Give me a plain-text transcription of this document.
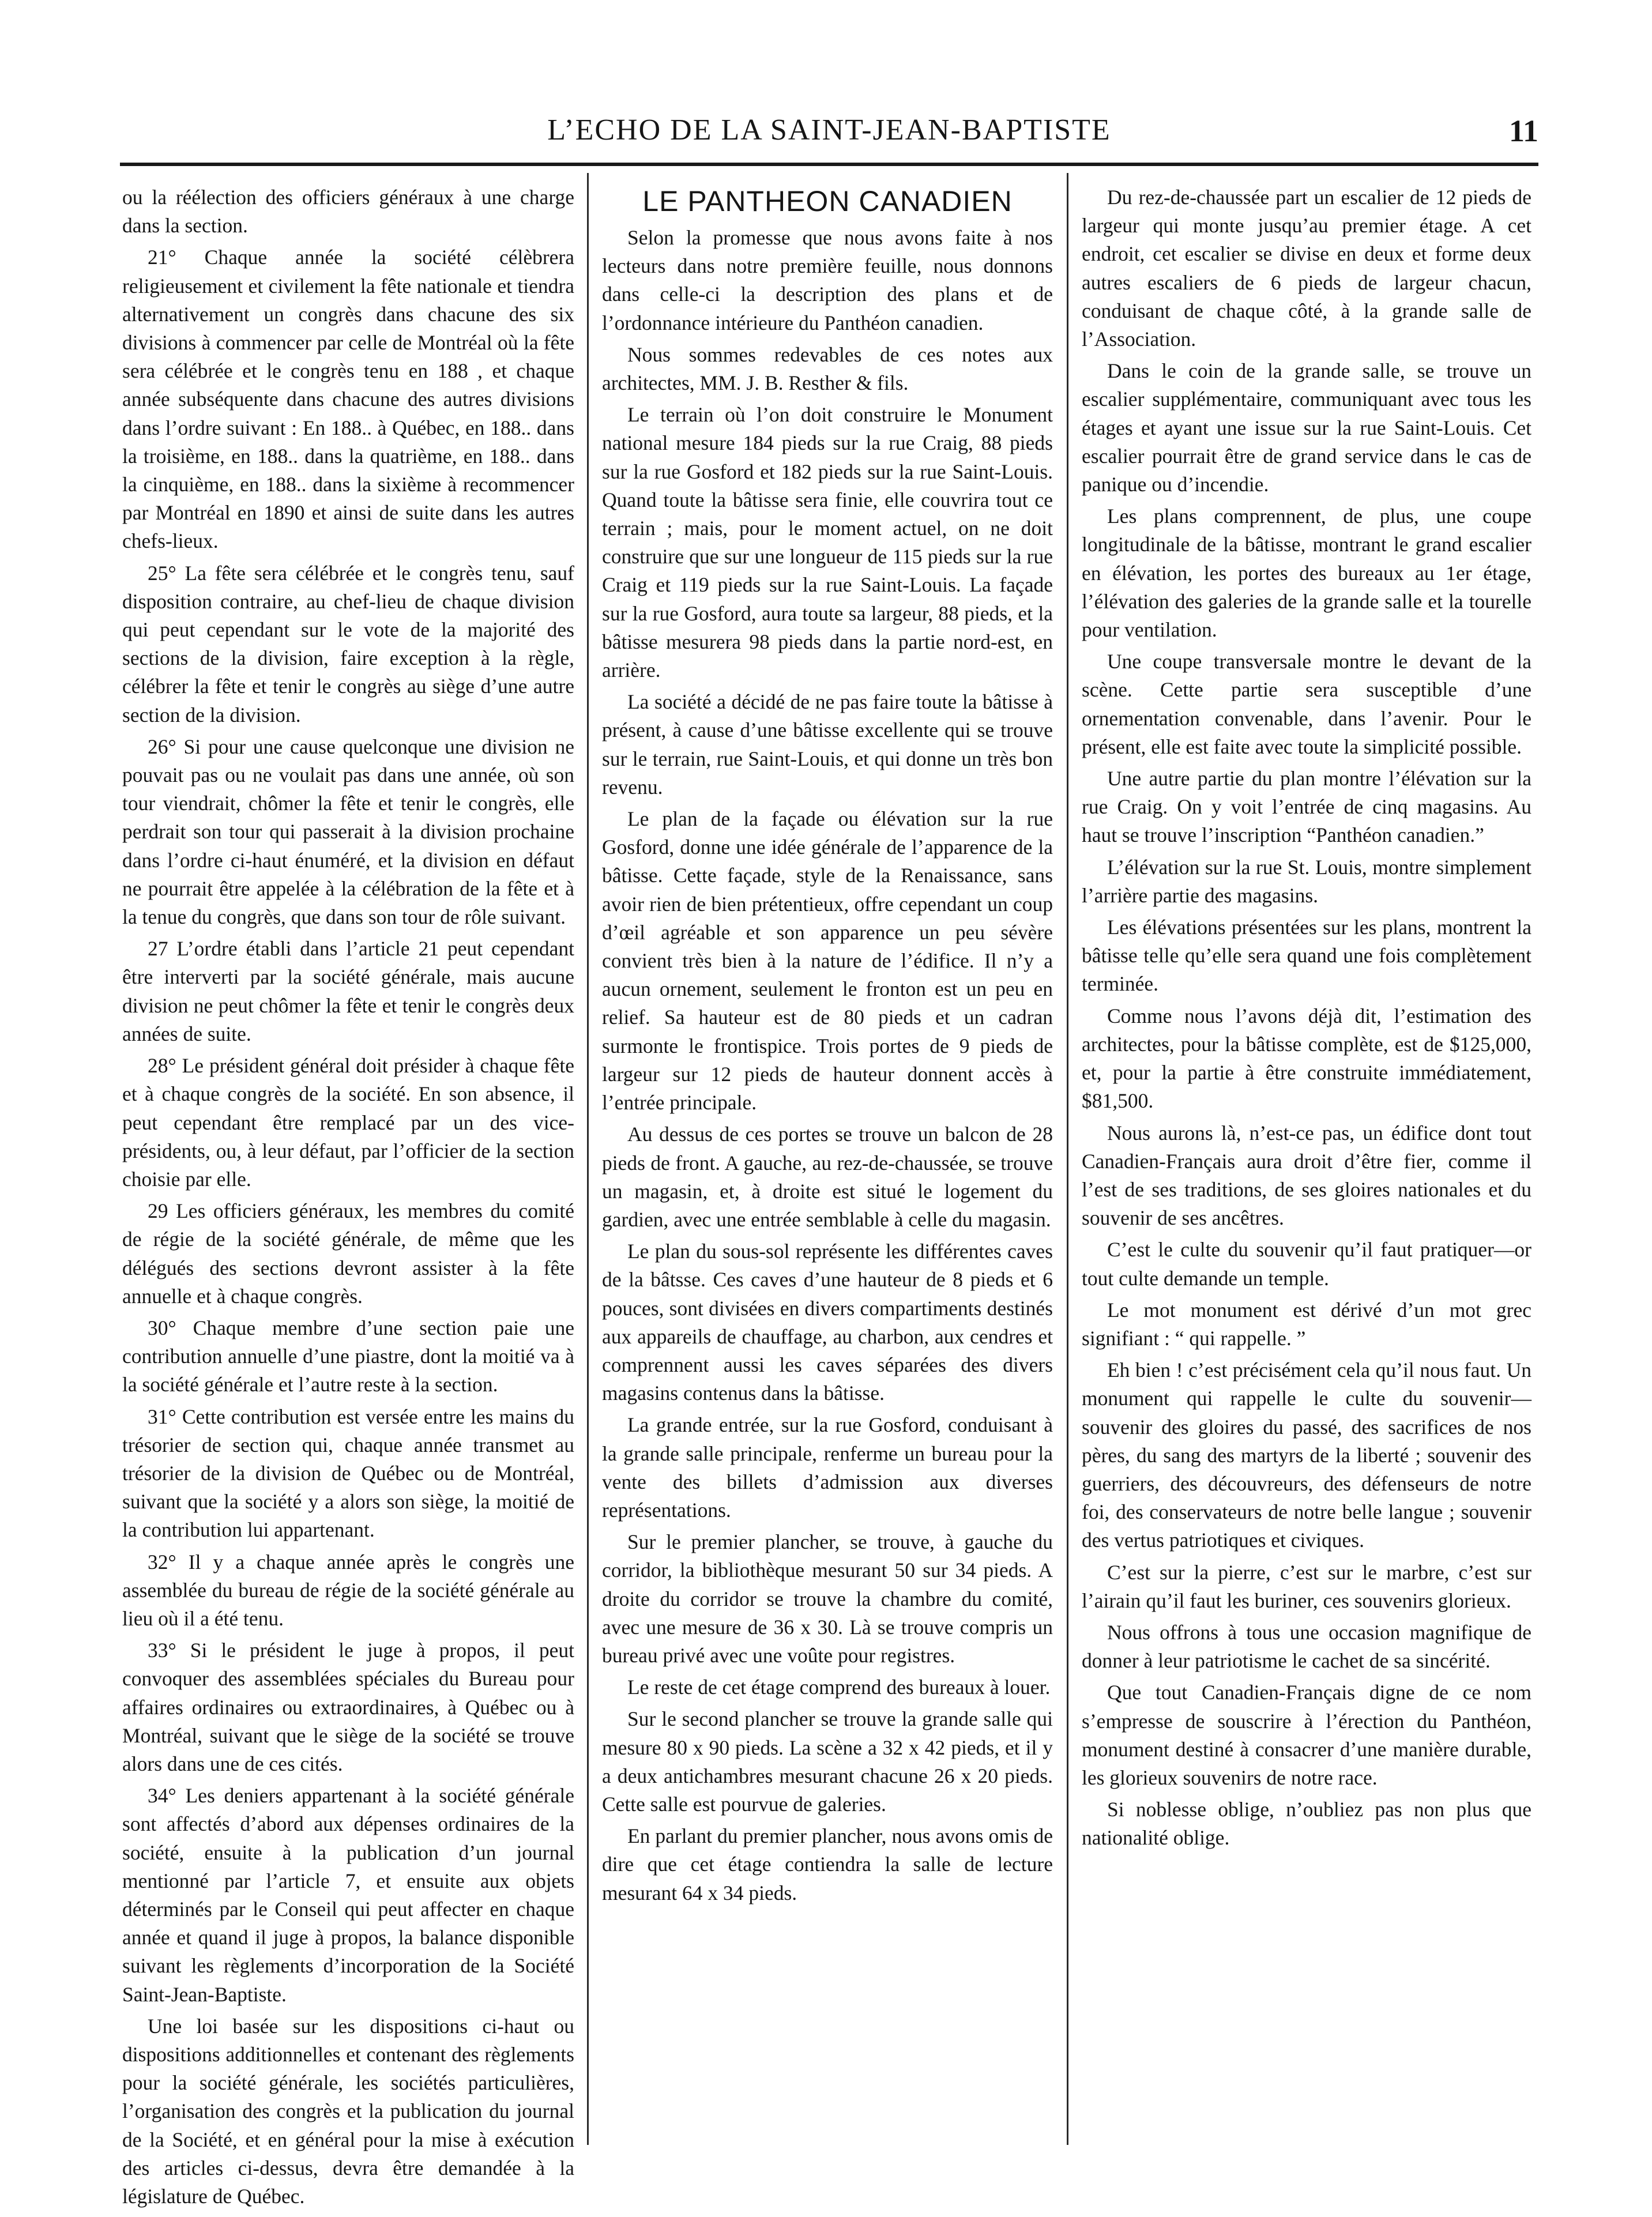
L’ECHO DE LA SAINT-JEAN-BAPTISTE	11

ou la réélection des officiers généraux à une charge dans la section.

21° Chaque année la société célèbrera religieusement et civilement la fête nationale et tiendra alternativement un congrès dans chacune des six divisions à commencer par celle de Montréal où la fête sera célébrée et le congrès tenu en 188 , et chaque année subséquente dans chacune des autres divisions dans l’ordre suivant : En 188.. à Québec, en 188.. dans la troisième, en 188.. dans la quatrième, en 188.. dans la cinquième, en 188.. dans la sixième à recommencer par Montréal en 1890 et ainsi de suite dans les autres chefs-lieux.

25° La fête sera célébrée et le congrès tenu, sauf disposition contraire, au chef-lieu de chaque division qui peut cependant sur le vote de la majorité des sections de la division, faire exception à la règle, célébrer la fête et tenir le congrès au siège d’une autre section de la division.

26° Si pour une cause quelconque une division ne pouvait pas ou ne voulait pas dans une année, où son tour viendrait, chômer la fête et tenir le congrès, elle perdrait son tour qui passerait à la division prochaine dans l’ordre ci-haut énuméré, et la division en défaut ne pourrait être appelée à la célébration de la fête et à la tenue du congrès, que dans son tour de rôle suivant.

27 L’ordre établi dans l’article 21 peut cependant être interverti par la société générale, mais aucune division ne peut chômer la fête et tenir le congrès deux années de suite.

28° Le président général doit présider à chaque fête et à chaque congrès de la société. En son absence, il peut cependant être remplacé par un des vice-présidents, ou, à leur défaut, par l’officier de la section choisie par elle.

29 Les officiers généraux, les membres du comité de régie de la société générale, de même que les délégués des sections devront assister à la fête annuelle et à chaque congrès.

30° Chaque membre d’une section paie une contribution annuelle d’une piastre, dont la moitié va à la société générale et l’autre reste à la section.

31° Cette contribution est versée entre les mains du trésorier de section qui, chaque année transmet au trésorier de la division de Québec ou de Montréal, suivant que la société y a alors son siège, la moitié de la contribution lui appartenant.

32° Il y a chaque année après le congrès une assemblée du bureau de régie de la société générale au lieu où il a été tenu.

33° Si le président le juge à propos, il peut convoquer des assemblées spéciales du Bureau pour affaires ordinaires ou extraordinaires, à Québec ou à Montréal, suivant que le siège de la société se trouve alors dans une de ces cités.

34° Les deniers appartenant à la société générale sont affectés d’abord aux dépenses ordinaires de la société, ensuite à la publication d’un journal mentionné par l’article 7, et ensuite aux objets déterminés par le Conseil qui peut affecter en chaque année et quand il juge à propos, la balance disponible suivant les règlements d’incorporation de la Société Saint-Jean-Baptiste.

Une loi basée sur les dispositions ci-haut ou dispositions additionnelles et contenant des règlements pour la société générale, les sociétés particulières, l’organisation des congrès et la publication du journal de la Société, et en général pour la mise à exécution des articles ci-dessus, devra être demandée à la législature de Québec.

LE PANTHEON CANADIEN

Selon la promesse que nous avons faite à nos lecteurs dans notre première feuille, nous donnons dans celle-ci la description des plans et de l’ordonnance intérieure du Panthéon canadien.

Nous sommes redevables de ces notes aux architectes, MM. J. B. Resther & fils.

Le terrain où l’on doit construire le Monument national mesure 184 pieds sur la rue Craig, 88 pieds sur la rue Gosford et 182 pieds sur la rue Saint-Louis. Quand toute la bâtisse sera finie, elle couvrira tout ce terrain ; mais, pour le moment actuel, on ne doit construire que sur une longueur de 115 pieds sur la rue Craig et 119 pieds sur la rue Saint-Louis. La façade sur la rue Gosford, aura toute sa largeur, 88 pieds, et la bâtisse mesurera 98 pieds dans la partie nord-est, en arrière.

La société a décidé de ne pas faire toute la bâtisse à présent, à cause d’une bâtisse excellente qui se trouve sur le terrain, rue Saint-Louis, et qui donne un très bon revenu.

Le plan de la façade ou élévation sur la rue Gosford, donne une idée générale de l’apparence de la bâtisse. Cette façade, style de la Renaissance, sans avoir rien de bien prétentieux, offre cependant un coup d’œil agréable et son apparence un peu sévère convient très bien à la nature de l’édifice. Il n’y a aucun ornement, seulement le fronton est un peu en relief. Sa hauteur est de 80 pieds et un cadran surmonte le frontispice. Trois portes de 9 pieds de largeur sur 12 pieds de hauteur donnent accès à l’entrée principale.

Au dessus de ces portes se trouve un balcon de 28 pieds de front. A gauche, au rez-de-chaussée, se trouve un magasin, et, à droite est situé le logement du gardien, avec une entrée semblable à celle du magasin.

Le plan du sous-sol représente les différentes caves de la bâtsse. Ces caves d’une hauteur de 8 pieds et 6 pouces, sont divisées en divers compartiments destinés aux appareils de chauffage, au charbon, aux cendres et comprennent aussi les caves séparées des divers magasins contenus dans la bâtisse.

La grande entrée, sur la rue Gosford, conduisant à la grande salle principale, renferme un bureau pour la vente des billets d’admission aux diverses représentations.

Sur le premier plancher, se trouve, à gauche du corridor, la bibliothèque mesurant 50 sur 34 pieds. A droite du corridor se trouve la chambre du comité, avec une mesure de 36 x 30. Là se trouve compris un bureau privé avec une voûte pour registres.

Le reste de cet étage comprend des bureaux à louer.

Sur le second plancher se trouve la grande salle qui mesure 80 x 90 pieds. La scène a 32 x 42 pieds, et il y a deux antichambres mesurant chacune 26 x 20 pieds. Cette salle est pourvue de galeries.

En parlant du premier plancher, nous avons omis de dire que cet étage contiendra la salle de lecture mesurant 64 x 34 pieds.

Du rez-de-chaussée part un escalier de 12 pieds de largeur qui monte jusqu’au premier étage. A cet endroit, cet escalier se divise en deux et forme deux autres escaliers de 6 pieds de largeur chacun, conduisant de chaque côté, à la grande salle de l’Association.

Dans le coin de la grande salle, se trouve un escalier supplémentaire, communiquant avec tous les étages et ayant une issue sur la rue Saint-Louis. Cet escalier pourrait être de grand service dans le cas de panique ou d’incendie.

Les plans comprennent, de plus, une coupe longitudinale de la bâtisse, montrant le grand escalier en élévation, les portes des bureaux au 1er étage, l’élévation des galeries de la grande salle et la tourelle pour ventilation.

Une coupe transversale montre le devant de la scène. Cette partie sera susceptible d’une ornementation convenable, dans l’avenir. Pour le présent, elle est faite avec toute la simplicité possible.

Une autre partie du plan montre l’élévation sur la rue Craig. On y voit l’entrée de cinq magasins. Au haut se trouve l’inscription “Panthéon canadien.”

L’élévation sur la rue St. Louis, montre simplement l’arrière partie des magasins.

Les élévations présentées sur les plans, montrent la bâtisse telle qu’elle sera quand une fois complètement terminée.

Comme nous l’avons déjà dit, l’estimation des architectes, pour la bâtisse complète, est de $125,000, et, pour la partie à être construite immédiatement, $81,500.

Nous aurons là, n’est-ce pas, un édifice dont tout Canadien-Français aura droit d’être fier, comme il l’est de ses traditions, de ses gloires nationales et du souvenir de ses ancêtres.

C’est le culte du souvenir qu’il faut pratiquer—or tout culte demande un temple.

Le mot monument est dérivé d’un mot grec signifiant : “ qui rappelle. ”

Eh bien ! c’est précisément cela qu’il nous faut. Un monument qui rappelle le culte du souvenir— souvenir des gloires du passé, des sacrifices de nos pères, du sang des martyrs de la liberté ; souvenir des guerriers, des découvreurs, des défenseurs de notre foi, des conservateurs de notre belle langue ; souvenir des vertus patriotiques et civiques.

C’est sur la pierre, c’est sur le marbre, c’est sur l’airain qu’il faut les buriner, ces souvenirs glorieux.

Nous offrons à tous une occasion magnifique de donner à leur patriotisme le cachet de sa sincérité.

Que tout Canadien-Français digne de ce nom s’empresse de souscrire à l’érection du Panthéon, monument destiné à consacrer d’une manière durable, les glorieux souvenirs de notre race.

Si noblesse oblige, n’oubliez pas non plus que nationalité oblige.
